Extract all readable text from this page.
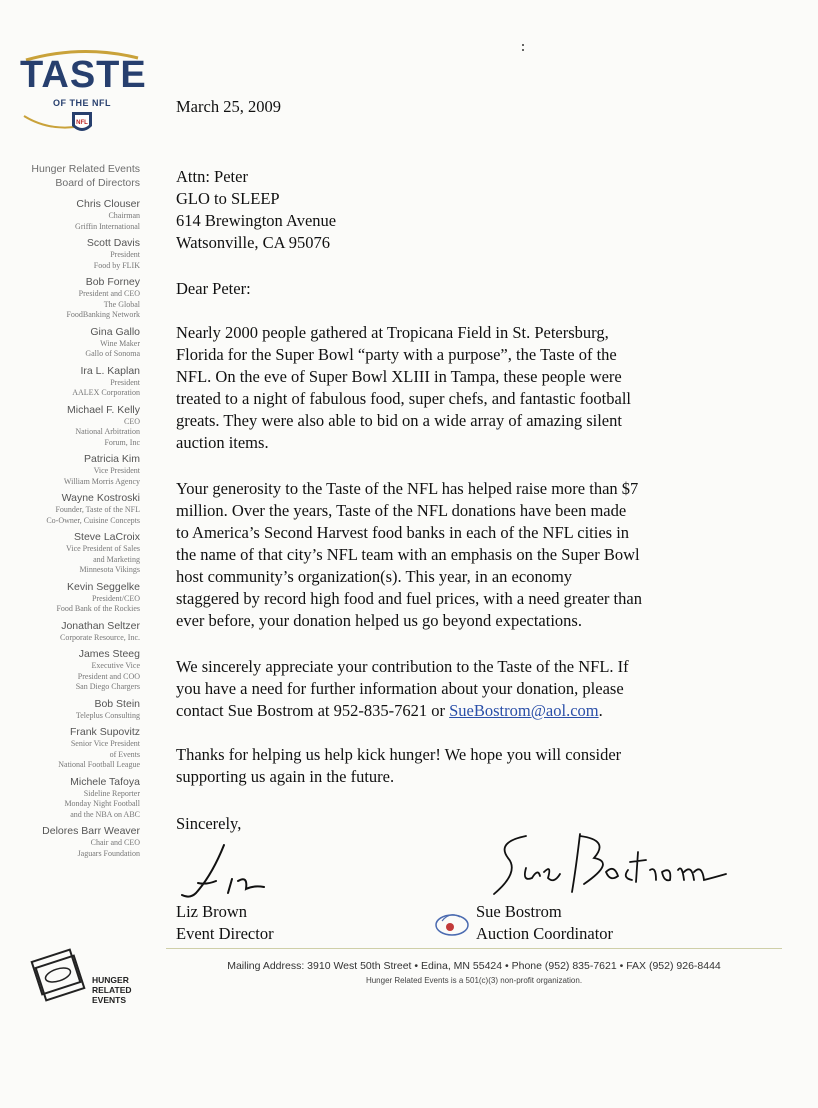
NFL
TASTE
OF THE NFL
Hunger Related Events
Board of Directors
Chris Clouser
Chairman
Griffin International
Scott Davis
President
Food by FLIK
Bob Forney
President and CEO
The Global
FoodBanking Network
Gina Gallo
Wine Maker
Gallo of Sonoma
Ira L. Kaplan
President
AALEX Corporation
Michael F. Kelly
CEO
National Arbitration
Forum, Inc
Patricia Kim
Vice President
William Morris Agency
Wayne Kostroski
Founder, Taste of the NFL
Co-Owner, Cuisine Concepts
Steve LaCroix
Vice President of Sales
and Marketing
Minnesota Vikings
Kevin Seggelke
President/CEO
Food Bank of the Rockies
Jonathan Seltzer
Corporate Resource, Inc.
James Steeg
Executive Vice
President and COO
San Diego Chargers
Bob Stein
Teleplus Consulting
Frank Supovitz
Senior Vice President
of Events
National Football League
Michele Tafoya
Sideline Reporter
Monday Night Football
and the NBA on ABC
Delores Barr Weaver
Chair and CEO
Jaguars Foundation
HUNGER
RELATED
EVENTS
March 25, 2009
Attn: Peter
GLO to SLEEP
614 Brewington Avenue
Watsonville, CA 95076
Dear Peter:
Nearly 2000 people gathered at Tropicana Field in St. Petersburg,
Florida for the Super Bowl “party with a purpose”, the Taste of the
NFL. On the eve of Super Bowl XLIII in Tampa, these people were
treated to a night of fabulous food, super chefs, and fantastic football
greats. They were also able to bid on a wide array of amazing silent
auction items.
Your generosity to the Taste of the NFL has helped raise more than $7
million. Over the years, Taste of the NFL donations have been made
to America’s Second Harvest food banks in each of the NFL cities in
the name of that city’s NFL team with an emphasis on the Super Bowl
host community’s organization(s). This year, in an economy
staggered by record high food and fuel prices, with a need greater than
ever before, your donation helped us go beyond expectations.
We sincerely appreciate your contribution to the Taste of the NFL. If
you have a need for further information about your donation, please
contact Sue Bostrom at 952-835-7621 or SueBostrom@aol.com.
Thanks for helping us help kick hunger! We hope you will consider
supporting us again in the future.
Sincerely,
Liz Brown
Event Director
Sue Bostrom
Auction Coordinator
Mailing Address: 3910 West 50th Street • Edina, MN 55424 • Phone (952) 835-7621 • FAX (952) 926-8444
Hunger Related Events is a 501(c)(3) non-profit organization.
